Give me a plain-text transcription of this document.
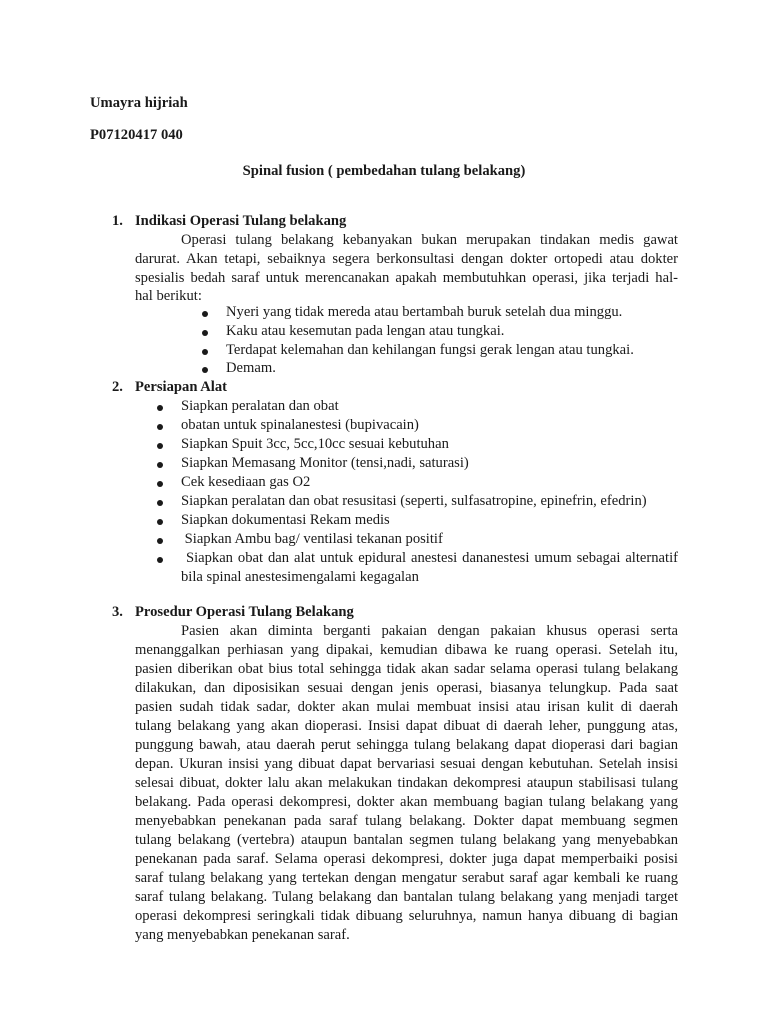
Umayra hijriah
P07120417 040
Spinal fusion ( pembedahan tulang belakang)
1. Indikasi Operasi Tulang belakang
Operasi tulang belakang kebanyakan bukan merupakan tindakan medis gawat
darurat. Akan tetapi, sebaiknya segera berkonsultasi dengan dokter ortopedi atau dokter
spesialis bedah saraf untuk merencanakan apakah membutuhkan operasi, jika terjadi hal-
hal berikut:
Nyeri yang tidak mereda atau bertambah buruk setelah dua minggu.
Kaku atau kesemutan pada lengan atau tungkai.
Terdapat kelemahan dan kehilangan fungsi gerak lengan atau tungkai.
Demam.
2. Persiapan Alat
Siapkan peralatan dan obat
obatan untuk spinalanestesi (bupivacain)
Siapkan Spuit 3cc, 5cc,10cc sesuai kebutuhan
Siapkan Memasang Monitor (tensi,nadi, saturasi)
Cek kesediaan gas O2
Siapkan peralatan dan obat resusitasi (seperti, sulfasatropine, epinefrin, efedrin)
Siapkan dokumentasi Rekam medis
Siapkan Ambu bag/ ventilasi tekanan positif
Siapkan obat dan alat untuk epidural anestesi dananestesi umum sebagai alternatif
bila spinal anestesimengalami kegagalan
3. Prosedur Operasi Tulang Belakang
Pasien akan diminta berganti pakaian dengan pakaian khusus operasi serta
menanggalkan perhiasan yang dipakai, kemudian dibawa ke ruang operasi. Setelah itu,
pasien diberikan obat bius total sehingga tidak akan sadar selama operasi tulang belakang
dilakukan, dan diposisikan sesuai dengan jenis operasi, biasanya telungkup. Pada saat
pasien sudah tidak sadar, dokter akan mulai membuat insisi atau irisan kulit di daerah
tulang belakang yang akan dioperasi. Insisi dapat dibuat di daerah leher, punggung atas,
punggung bawah, atau daerah perut sehingga tulang belakang dapat dioperasi dari bagian
depan. Ukuran insisi yang dibuat dapat bervariasi sesuai dengan kebutuhan. Setelah insisi
selesai dibuat, dokter lalu akan melakukan tindakan dekompresi ataupun stabilisasi tulang
belakang. Pada operasi dekompresi, dokter akan membuang bagian tulang belakang yang
menyebabkan penekanan pada saraf tulang belakang. Dokter dapat membuang segmen
tulang belakang (vertebra) ataupun bantalan segmen tulang belakang yang menyebabkan
penekanan pada saraf. Selama operasi dekompresi, dokter juga dapat memperbaiki posisi
saraf tulang belakang yang tertekan dengan mengatur serabut saraf agar kembali ke ruang
saraf tulang belakang. Tulang belakang dan bantalan tulang belakang yang menjadi target
operasi dekompresi seringkali tidak dibuang seluruhnya, namun hanya dibuang di bagian
yang menyebabkan penekanan saraf.
